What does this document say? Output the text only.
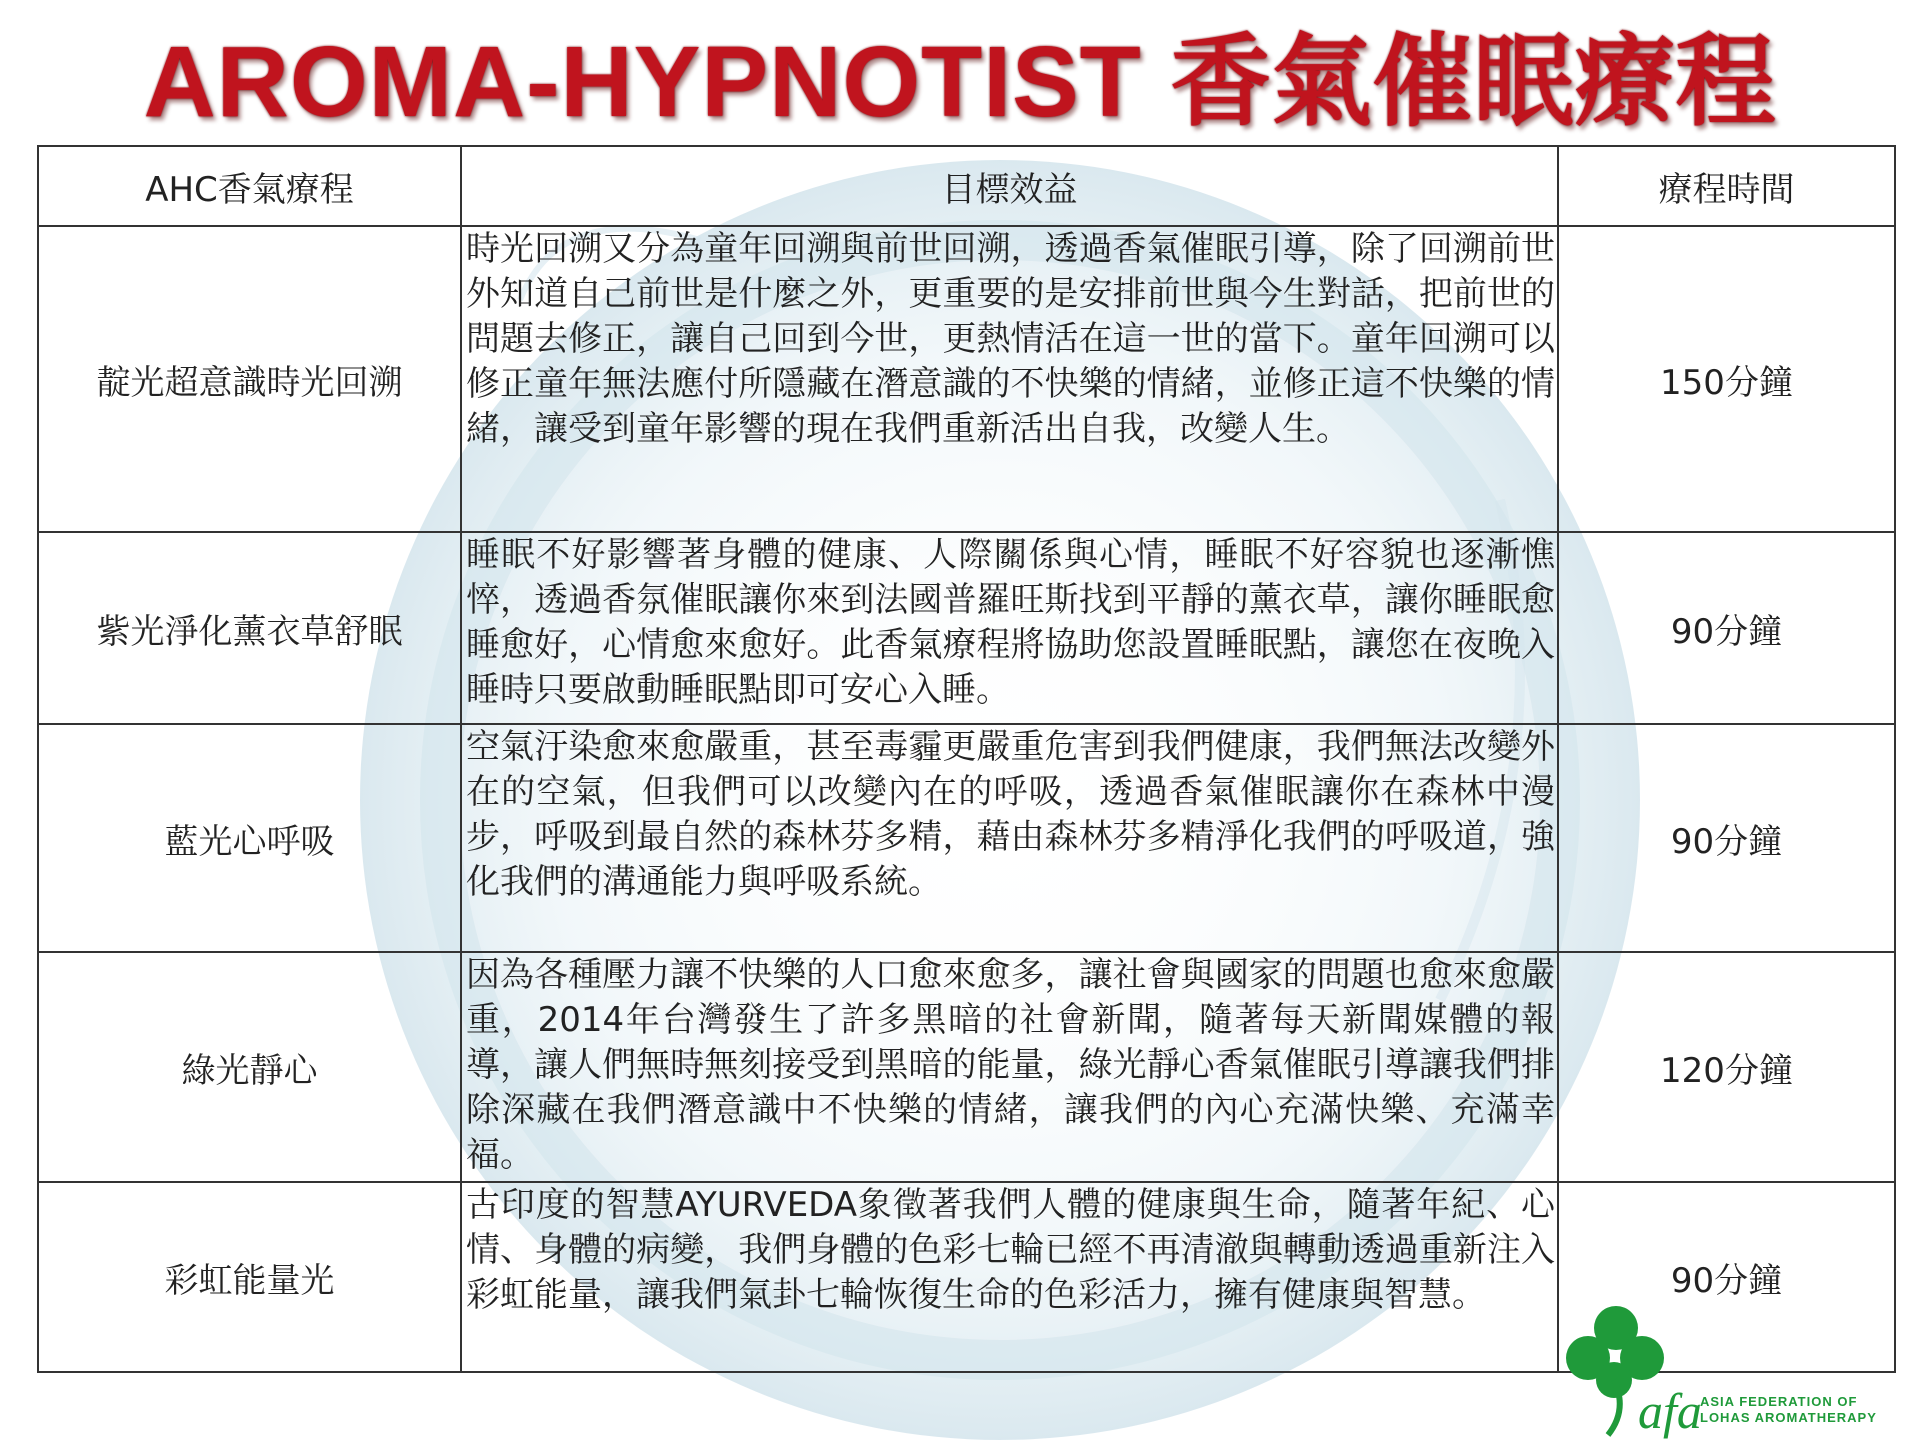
AROMA-HYPNOTIST 香氣催眠療程
AHC香氣療程	目標效益	療程時間
靛光超意識時光回溯	時光回溯又分為童年回溯與前世回溯，透過香氣催眠引導，除了回溯前世外知道自己前世是什麼之外，更重要的是安排前世與今生對話，把前世的問題去修正，讓自己回到今世，更熱情活在這一世的當下。童年回溯可以修正童年無法應付所隱藏在潛意識的不快樂的情緒，並修正這不快樂的情緒，讓受到童年影響的現在我們重新活出自我，改變人生。	150分鐘
紫光淨化薰衣草舒眠	睡眠不好影響著身體的健康、人際關係與心情，睡眠不好容貌也逐漸憔悴，透過香氛催眠讓你來到法國普羅旺斯找到平靜的薰衣草，讓你睡眠愈睡愈好，心情愈來愈好。此香氣療程將協助您設置睡眠點，讓您在夜晚入睡時只要啟動睡眠點即可安心入睡。	90分鐘
藍光心呼吸	空氣汙染愈來愈嚴重，甚至毒霾更嚴重危害到我們健康，我們無法改變外在的空氣，但我們可以改變內在的呼吸，透過香氣催眠讓你在森林中漫步，呼吸到最自然的森林芬多精，藉由森林芬多精淨化我們的呼吸道，強化我們的溝通能力與呼吸系統。	90分鐘
綠光靜心	因為各種壓力讓不快樂的人口愈來愈多，讓社會與國家的問題也愈來愈嚴重，2014年台灣發生了許多黑暗的社會新聞，隨著每天新聞媒體的報導，讓人們無時無刻接受到黑暗的能量，綠光靜心香氣催眠引導讓我們排除深藏在我們潛意識中不快樂的情緒，讓我們的內心充滿快樂、充滿幸福。	120分鐘
彩虹能量光	古印度的智慧AYURVEDA象徵著我們人體的健康與生命，隨著年紀、心情、身體的病變，我們身體的色彩七輪已經不再清澈與轉動透過重新注入彩虹能量，讓我們氣卦七輪恢復生命的色彩活力，擁有健康與智慧。	90分鐘
afa
ASIA FEDERATION OF
LOHAS AROMATHERAPY
